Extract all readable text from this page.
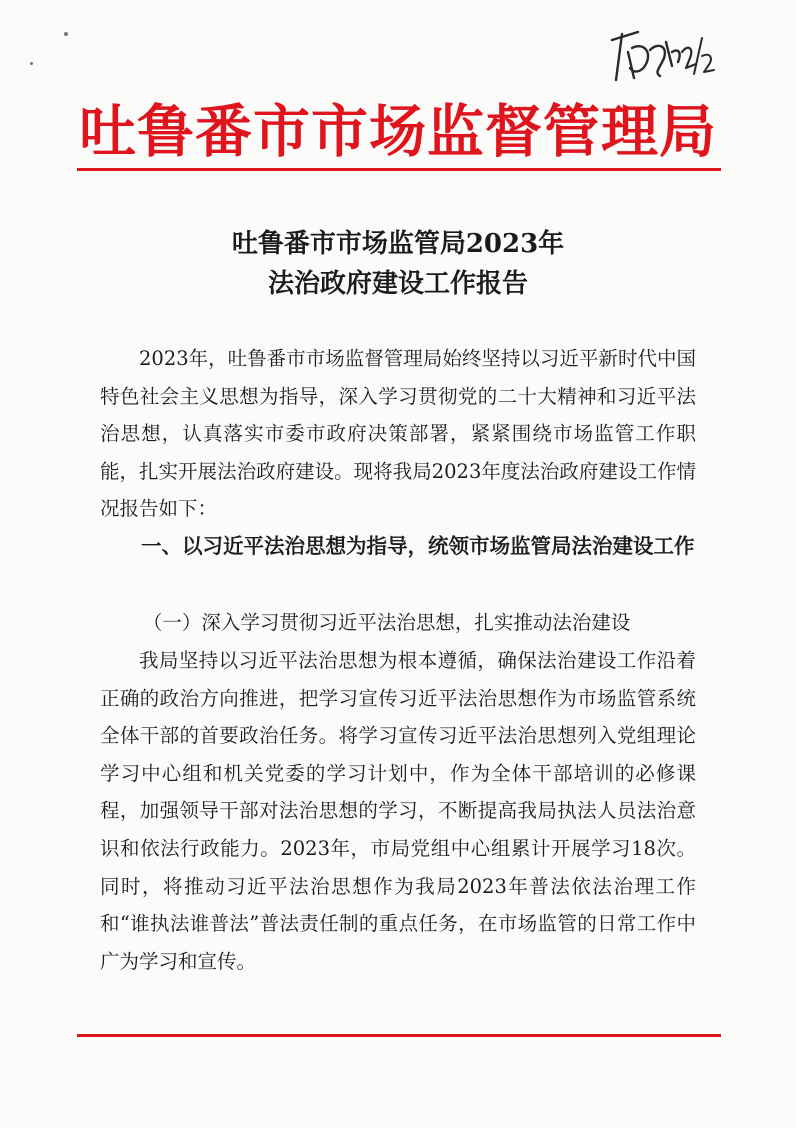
吐鲁番市市场监督管理局
吐鲁番市市场监管局2023年
法治政府建设工作报告

2023年，吐鲁番市市场监督管理局始终坚持以习近平新时代中国特色社会主义思想为指导，深入学习贯彻党的二十大精神和习近平法治思想，认真落实市委市政府决策部署，紧紧围绕市场监管工作职能，扎实开展法治政府建设。现将我局2023年度法治政府建设工作情况报告如下：

一、以习近平法治思想为指导，统领市场监管局法治建设工作

（一）深入学习贯彻习近平法治思想，扎实推动法治建设

我局坚持以习近平法治思想为根本遵循，确保法治建设工作沿着正确的政治方向推进，把学习宣传习近平法治思想作为市场监管系统全体干部的首要政治任务。将学习宣传习近平法治思想列入党组理论学习中心组和机关党委的学习计划中，作为全体干部培训的必修课程，加强领导干部对法治思想的学习，不断提高我局执法人员法治意识和依法行政能力。2023年，市局党组中心组累计开展学习18次。同时，将推动习近平法治思想作为我局2023年普法依法治理工作和“谁执法谁普法”普法责任制的重点任务，在市场监管的日常工作中广为学习和宣传。
